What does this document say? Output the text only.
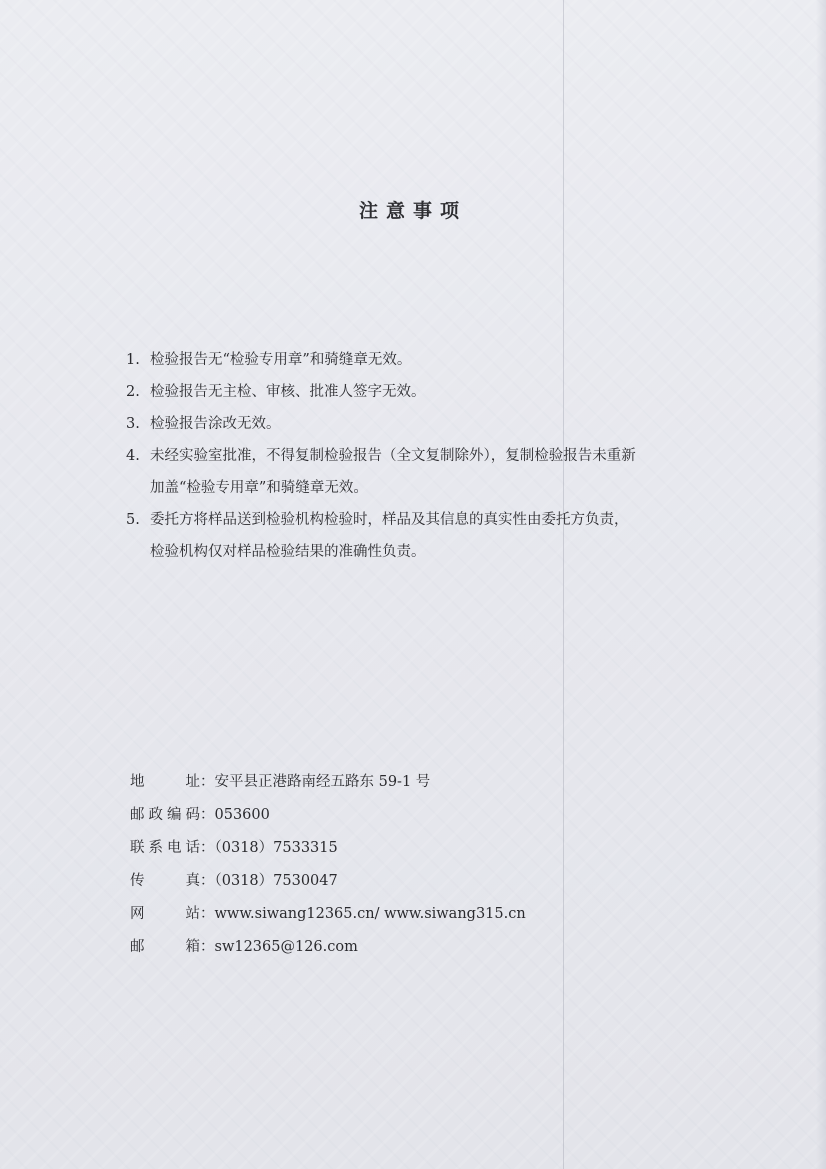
注意事项
1. 检验报告无“检验专用章”和骑缝章无效。
2. 检验报告无主检、审核、批准人签字无效。
3. 检验报告涂改无效。
4. 未经实验室批准，不得复制检验报告（全文复制除外），复制检验报告未重新
加盖“检验专用章”和骑缝章无效。
5. 委托方将样品送到检验机构检验时，样品及其信息的真实性由委托方负责，
检验机构仅对样品检验结果的准确性负责。
地址：安平县正港路南经五路东 59-1 号
邮政编码：053600
联系电话：（0318）7533315
传真：（0318）7530047
网站：www.siwang12365.cn/ www.siwang315.cn
邮箱：sw12365@126.com
